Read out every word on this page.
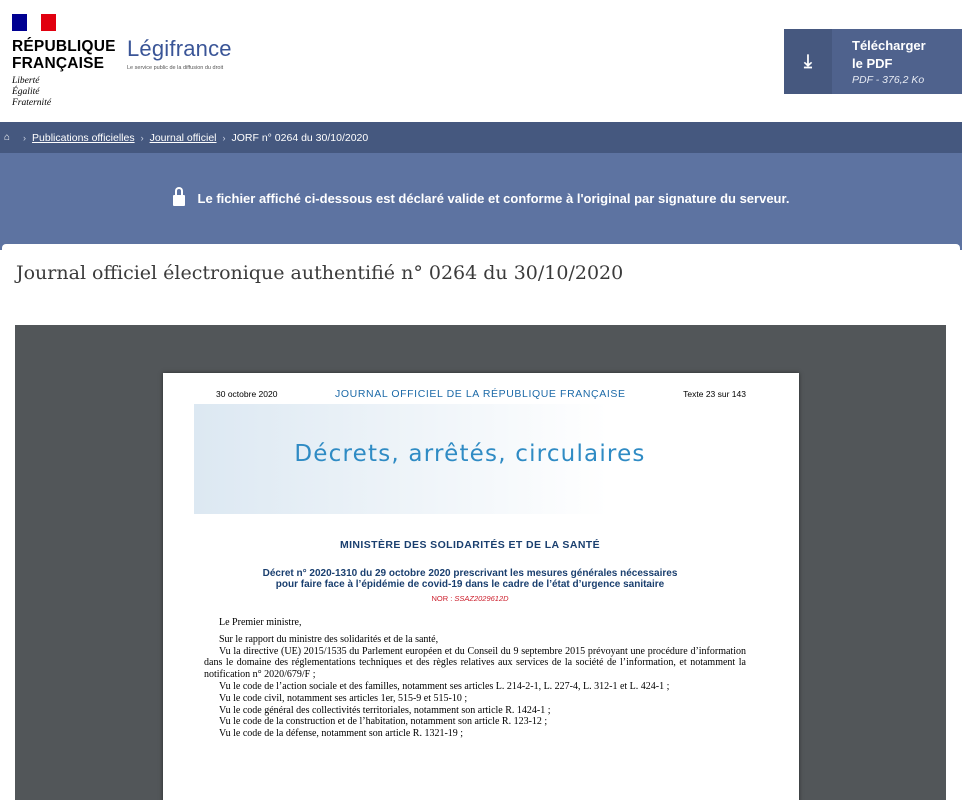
RÉPUBLIQUE
FRANÇAISE
Liberté
Égalité
Fraternité
Légifrance
Le service public de la diffusion du droit	⤓
Télécharger
le PDF
PDF - 376,2 Ko
⌂ › Publications officielles › Journal officiel › JORF n° 0264 du 30/10/2020
Le fichier affiché ci-dessous est déclaré valide et conforme à l'original par signature du serveur.
Journal officiel électronique authentifié n° 0264 du 30/10/2020
30 octobre 2020	JOURNAL OFFICIEL DE LA RÉPUBLIQUE FRANÇAISE	Texte 23 sur 143
Décrets, arrêtés, circulaires
MINISTÈRE DES SOLIDARITÉS ET DE LA SANTÉ
Décret n° 2020-1310 du 29 octobre 2020 prescrivant les mesures générales nécessaires
pour faire face à l’épidémie de covid-19 dans le cadre de l’état d’urgence sanitaire
NOR : SSAZ2029612D

Le Premier ministre,

Sur le rapport du ministre des solidarités et de la santé,

Vu la directive (UE) 2015/1535 du Parlement européen et du Conseil du 9 septembre 2015 prévoyant une procédure d’information dans le domaine des réglementations techniques et des règles relatives aux services de la société de l’information, et notamment la notification n° 2020/679/F ;

Vu le code de l’action sociale et des familles, notamment ses articles L. 214-2-1, L. 227-4, L. 312-1 et L. 424-1 ;

Vu le code civil, notamment ses articles 1er, 515-9 et 515-10 ;

Vu le code général des collectivités territoriales, notamment son article R. 1424-1 ;

Vu le code de la construction et de l’habitation, notamment son article R. 123-12 ;

Vu le code de la défense, notamment son article R. 1321-19 ;
